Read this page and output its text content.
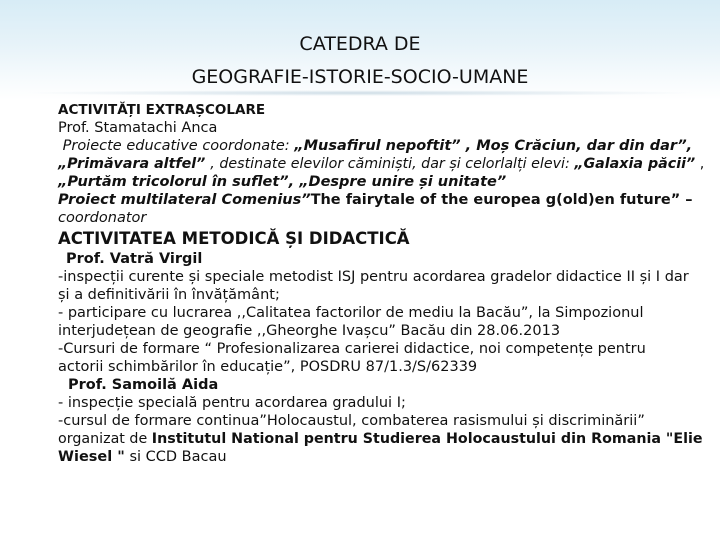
CATEDRA DE
GEOGRAFIE-ISTORIE-SOCIO-UMANE
ACTIVITĂȚI EXTRAȘCOLARE
Prof. Stamatachi Anca
Proiecte educative coordonate: „Musafirul nepoftit” , Moș Crăciun, dar din dar”,
„Primăvara altfel” , destinate elevilor căminiști, dar și celorlalți elevi: „Galaxia păcii” ,
„Purtăm tricolorul în suflet”, „Despre unire și unitate”
Proiect multilateral Comenius”The fairytale of the europea g(old)en future” –
coordonator
ACTIVITATEA METODICĂ ȘI DIDACTICĂ
Prof. Vatră Virgil
-inspecții curente și speciale metodist ISJ pentru acordarea gradelor didactice II și I dar
și a definitivării în învățământ;
- participare cu lucrarea ,,Calitatea factorilor de mediu la Bacău”, la Simpozionul
interjudețean de geografie ,,Gheorghe Ivașcu” Bacău din 28.06.2013
-Cursuri de formare “ Profesionalizarea carierei didactice, noi competențe pentru
actorii schimbărilor în educație”, POSDRU 87/1.3/S/62339
Prof. Samoilă Aida
- inspecție specială pentru acordarea gradului I;
-cursul de formare continua”Holocaustul, combaterea rasismului și discriminării”
organizat de Institutul National pentru Studierea Holocaustului din Romania "Elie
Wiesel " si CCD Bacau
